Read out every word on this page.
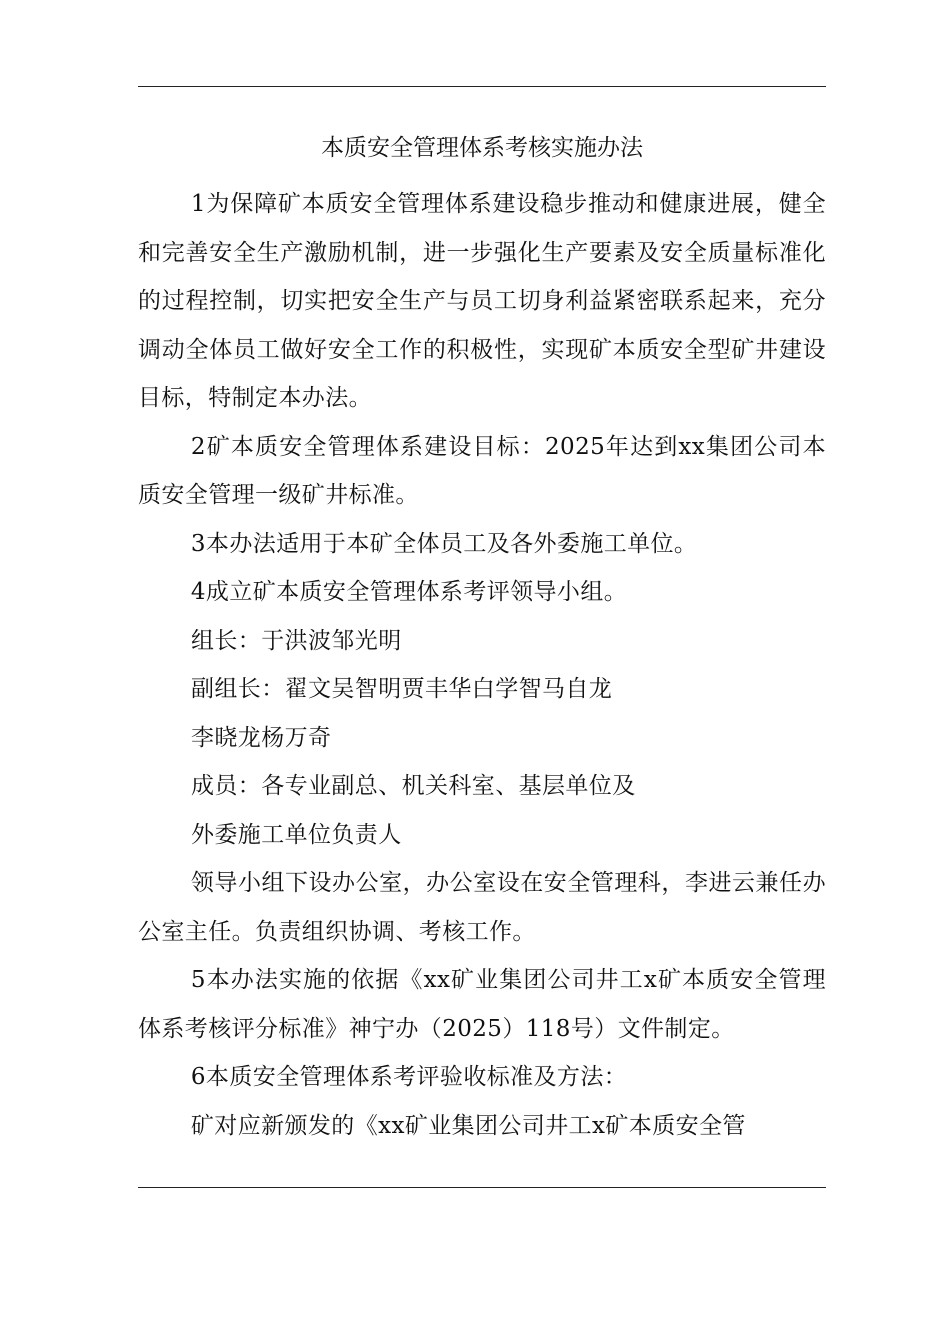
本质安全管理体系考核实施办法

1为保障矿本质安全管理体系建设稳步推动和健康进展，健全和完善安全生产激励机制，进一步强化生产要素及安全质量标准化的过程控制，切实把安全生产与员工切身利益紧密联系起来，充分调动全体员工做好安全工作的积极性，实现矿本质安全型矿井建设目标，特制定本办法。

2矿本质安全管理体系建设目标：2025年达到xx集团公司本质安全管理一级矿井标准。

3本办法适用于本矿全体员工及各外委施工单位。

4成立矿本质安全管理体系考评领导小组。

组长：于洪波邹光明

副组长：翟文吴智明贾丰华白学智马自龙

李晓龙杨万奇

成员：各专业副总、机关科室、基层单位及

外委施工单位负责人

领导小组下设办公室，办公室设在安全管理科，李进云兼任办公室主任。负责组织协调、考核工作。

5本办法实施的依据《xx矿业集团公司井工x矿本质安全管理体系考核评分标准》神宁办（2025）118号）文件制定。

6本质安全管理体系考评验收标准及方法：

矿对应新颁发的《xx矿业集团公司井工x矿本质安全管
